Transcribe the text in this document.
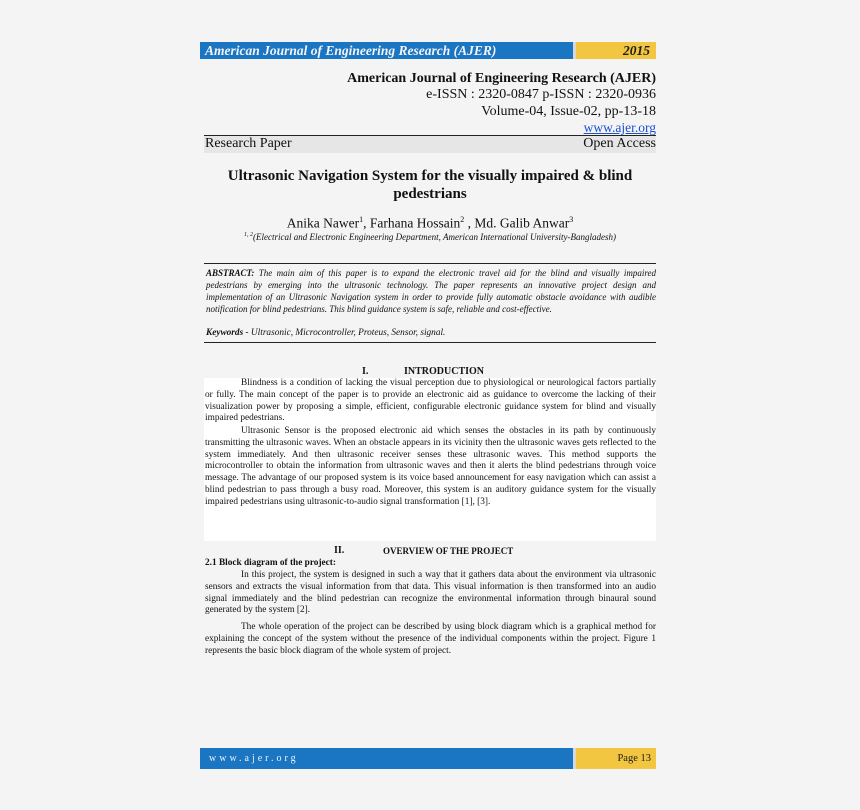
American Journal of Engineering Research (AJER)	2015
American Journal of Engineering Research (AJER)
e-ISSN : 2320-0847 p-ISSN : 2320-0936
Volume-04, Issue-02, pp-13-18
www.ajer.org
Research Paper	Open Access
Ultrasonic Navigation System for the visually impaired & blind
pedestrians
Anika Nawer$^1$, Farhana Hossain$^2$ , Md. Galib Anwar$^3$
$^{1, 2}$(Electrical and Electronic Engineering Department, American International University-Bangladesh)
ABSTRACT: The main aim of this paper is to expand the electronic travel aid for the blind and visually impaired pedestrians by emerging into the ultrasonic technology. The paper represents an innovative project design and implementation of an Ultrasonic Navigation system in order to provide fully automatic obstacle avoidance with audible notification for blind pedestrians. This blind guidance system is safe, reliable and cost-effective.
Keywords - Ultrasonic, Microcontroller, Proteus, Sensor, signal.
I.	INTRODUCTION
Blindness is a condition of lacking the visual perception due to physiological or neurological factors partially or fully. The main concept of the paper is to provide an electronic aid as guidance to overcome the lacking of their visualization power by proposing a simple, efficient, configurable electronic guidance system for blind and visually impaired pedestrians.
Ultrasonic Sensor is the proposed electronic aid which senses the obstacles in its path by continuously transmitting the ultrasonic waves. When an obstacle appears in its vicinity then the ultrasonic waves gets reflected to the system immediately. And then ultrasonic receiver senses these ultrasonic waves. This method supports the microcontroller to obtain the information from ultrasonic waves and then it alerts the blind pedestrians through voice message. The advantage of our proposed system is its voice based announcement for easy navigation which can assist a blind pedestrian to pass through a busy road. Moreover, this system is an auditory guidance system for the visually impaired pedestrians using ultrasonic-to-audio signal transformation [1], [3].
II.	OVERVIEW OF THE PROJECT
2.1 Block diagram of the project:
In this project, the system is designed in such a way that it gathers data about the environment via ultrasonic sensors and extracts the visual information from that data. This visual information is then transformed into an audio signal immediately and the blind pedestrian can recognize the environmental information through binaural sound generated by the system [2].
The whole operation of the project can be described by using block diagram which is a graphical method for explaining the concept of the system without the presence of the individual components within the project. Figure 1 represents the basic block diagram of the whole system of project.
www.ajer.org	Page 13
